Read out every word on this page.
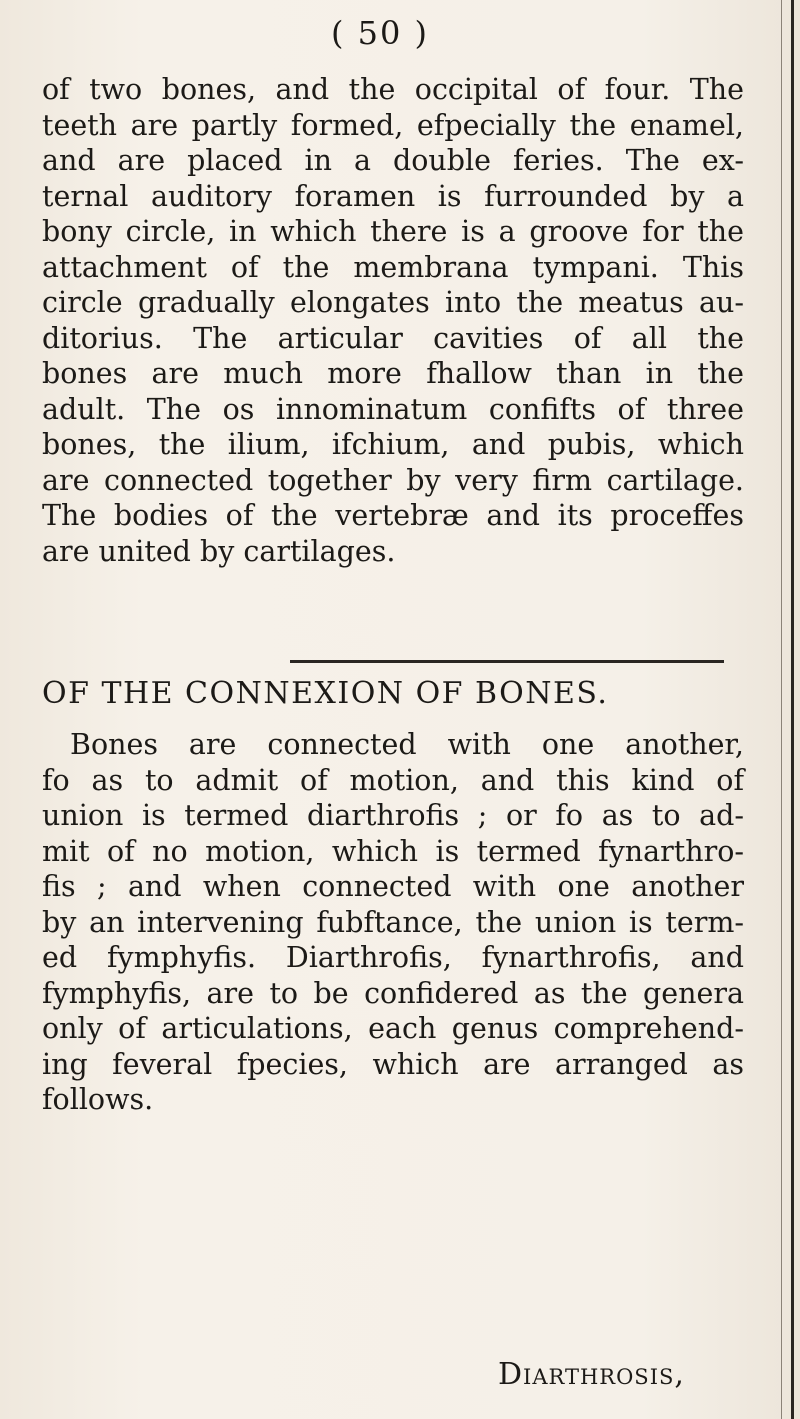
( 50 )
of two bones, and the occipital of four. The
teeth are partly formed, efpecially the enamel,
and are placed in a double feries. The ex-
ternal auditory foramen is furrounded by a
bony circle, in which there is a groove for the
attachment of the membrana tympani. This
circle gradually elongates into the meatus au-
ditorius. The articular cavities of all the
bones are much more fhallow than in the
adult. The os innominatum confifts of three
bones, the ilium, ifchium, and pubis, which
are connected together by very firm cartilage.
The bodies of the vertebræ and its proceffes
are united by cartilages.
OF THE CONNEXION OF BONES.
Bones are connected with one another,
fo as to admit of motion, and this kind of
union is termed diarthrofis ; or fo as to ad-
mit of no motion, which is termed fynarthro-
fis ; and when connected with one another
by an intervening fubftance, the union is term-
ed fymphyfis. Diarthrofis, fynarthrofis, and
fymphyfis, are to be confidered as the genera
only of articulations, each genus comprehend-
ing feveral fpecies, which are arranged as
follows.
Diarthrosis,
